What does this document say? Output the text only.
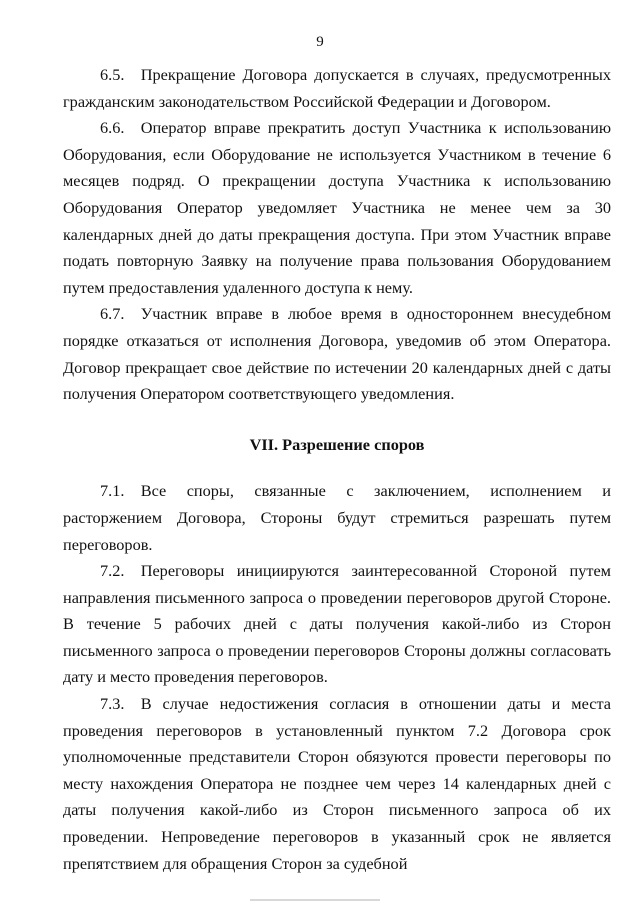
9

6.5. Прекращение Договора допускается в случаях, предусмотренных гражданским законодательством Российской Федерации и Договором.

6.6. Оператор вправе прекратить доступ Участника к использованию Оборудования, если Оборудование не используется Участником в течение 6 месяцев подряд. О прекращении доступа Участника к использованию Оборудования Оператор уведомляет Участника не менее чем за 30 календарных дней до даты прекращения доступа. При этом Участник вправе подать повторную Заявку на получение права пользования Оборудованием путем предоставления удаленного доступа к нему.

6.7. Участник вправе в любое время в одностороннем внесудебном порядке отказаться от исполнения Договора, уведомив об этом Оператора. Договор прекращает свое действие по истечении 20 календарных дней с даты получения Оператором соответствующего уведомления.

VII. Разрешение споров

7.1. Все споры, связанные с заключением, исполнением и расторжением Договора, Стороны будут стремиться разрешать путем переговоров.

7.2. Переговоры инициируются заинтересованной Стороной путем направления письменного запроса о проведении переговоров другой Стороне. В течение 5 рабочих дней с даты получения какой-либо из Сторон письменного запроса о проведении переговоров Стороны должны согласовать дату и место проведения переговоров.

7.3. В случае недостижения согласия в отношении даты и места проведения переговоров в установленный пунктом 7.2 Договора срок уполномоченные представители Сторон обязуются провести переговоры по месту нахождения Оператора не позднее чем через 14 календарных дней с даты получения какой-либо из Сторон письменного запроса об их проведении. Непроведение переговоров в указанный срок не является препятствием для обращения Сторон за судебной
